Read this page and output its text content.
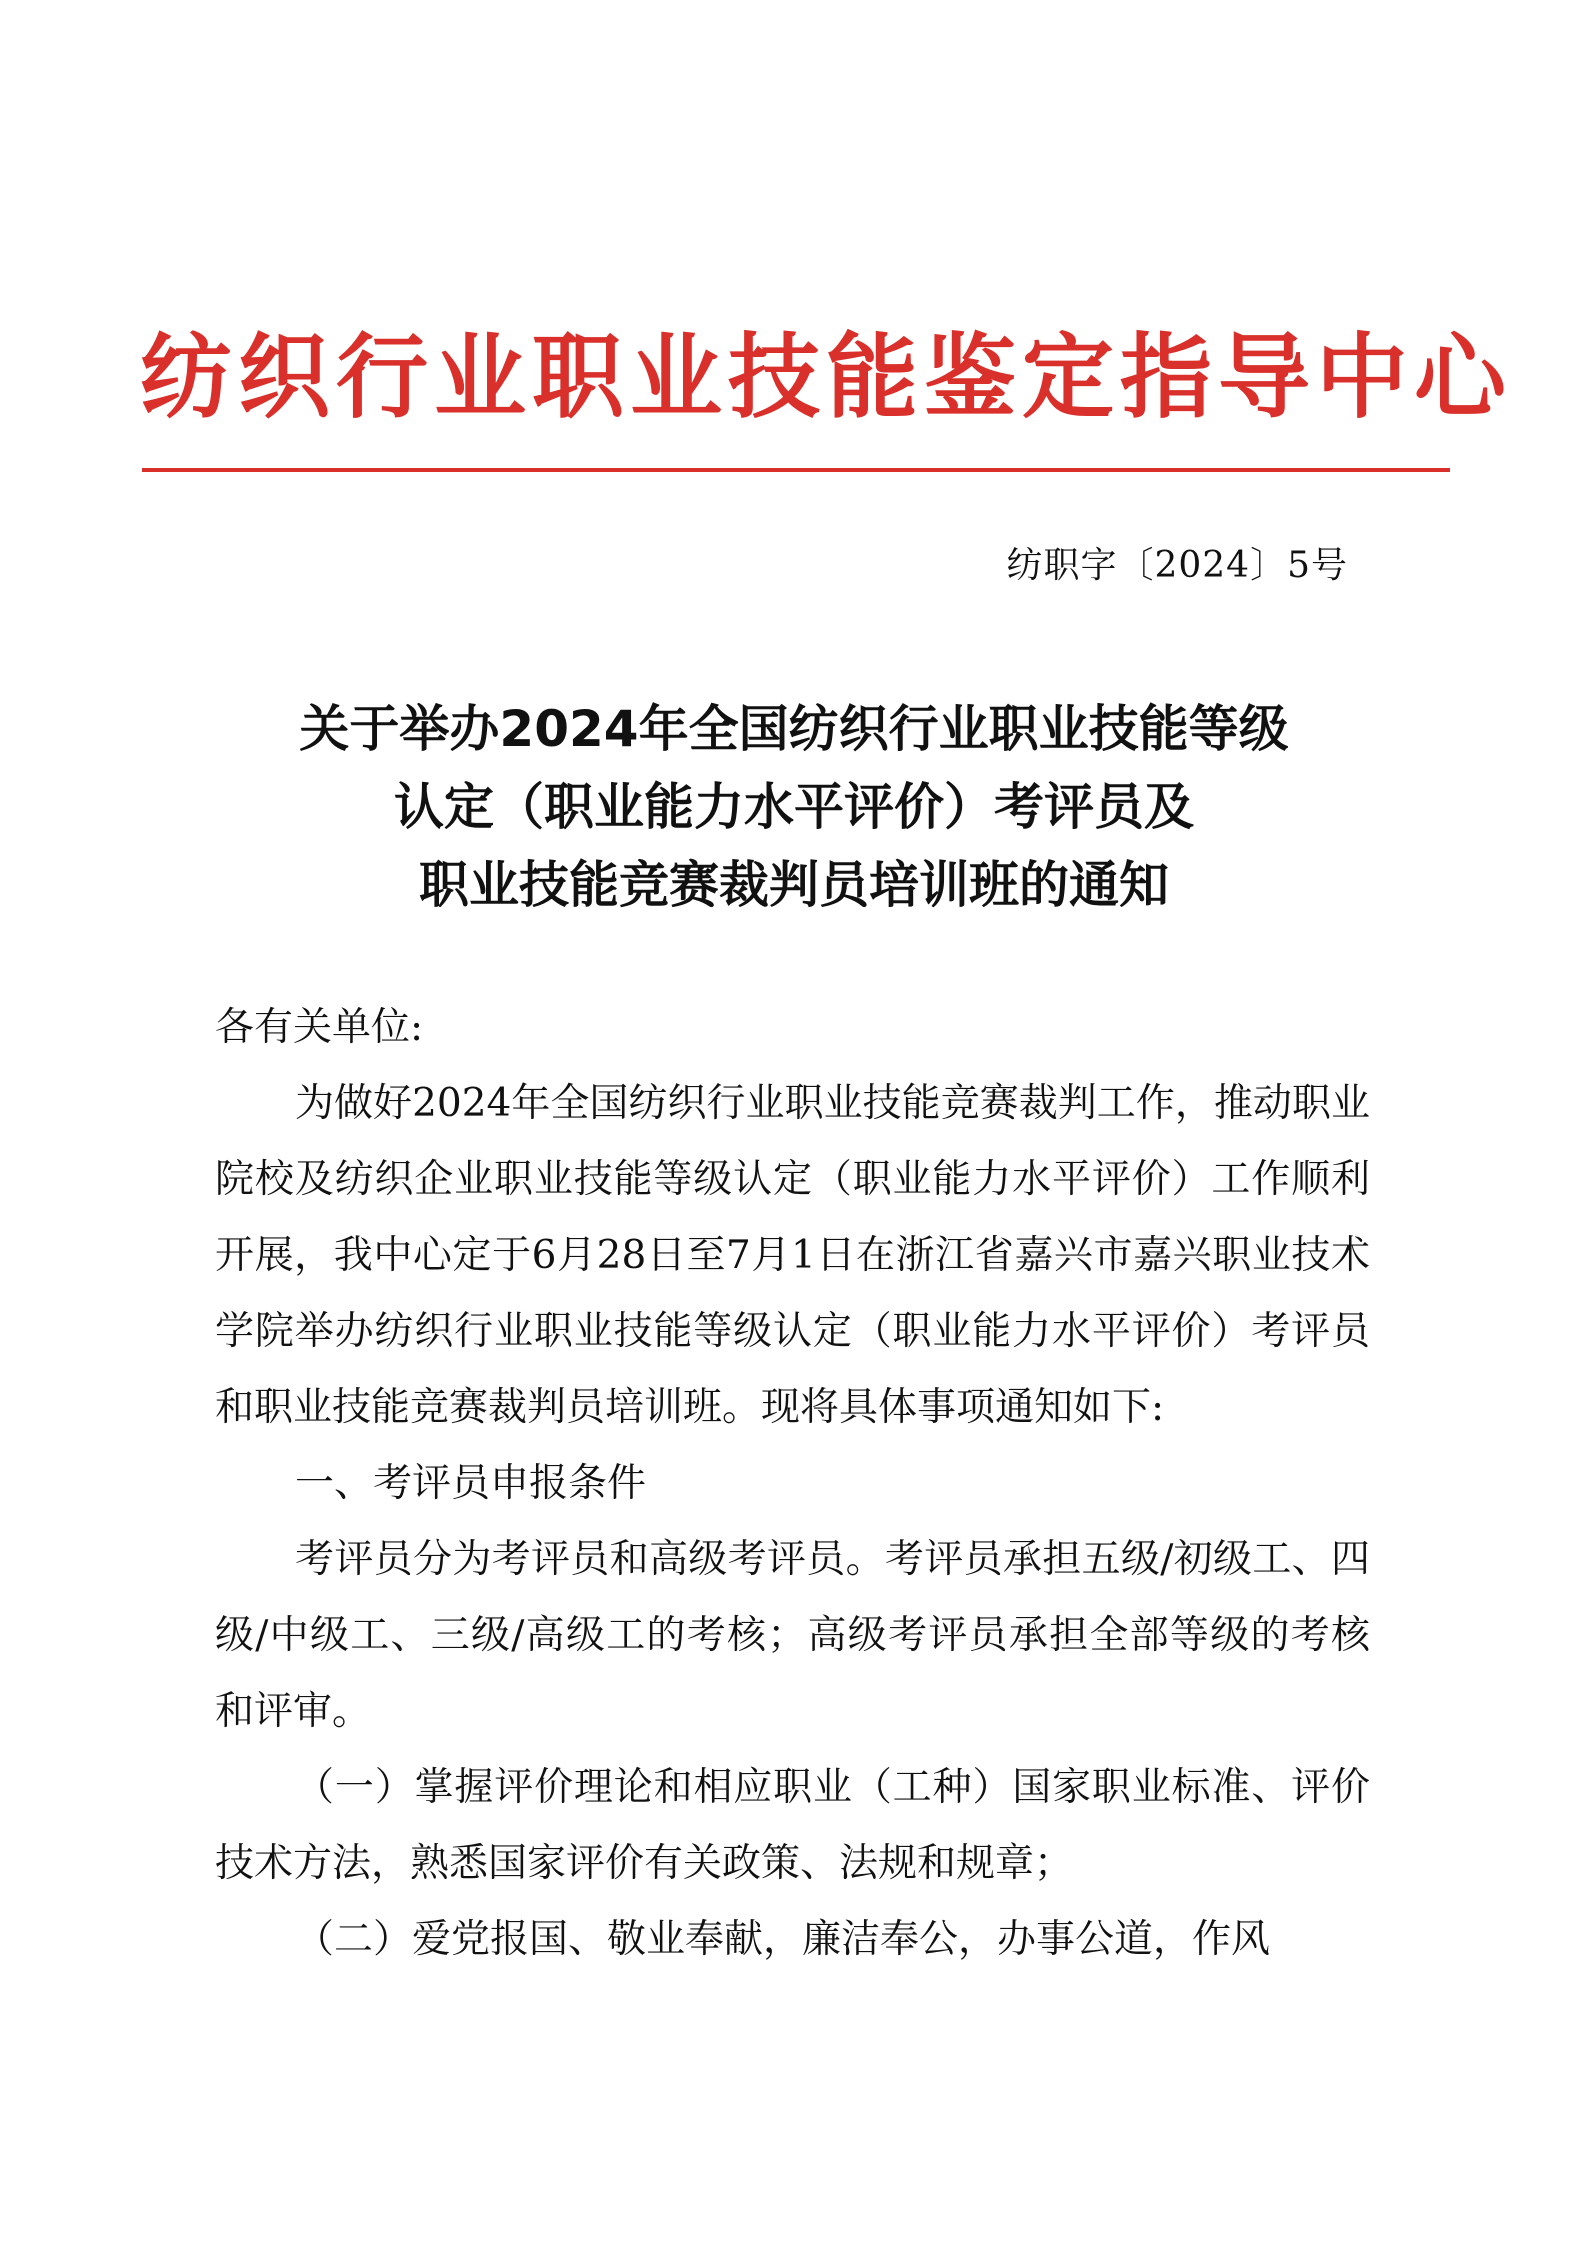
纺织行业职业技能鉴定指导中心
纺职字〔2024〕5号
关于举办2024年全国纺织行业职业技能等级
认定（职业能力水平评价）考评员及
职业技能竞赛裁判员培训班的通知

各有关单位:

为做好2024年全国纺织行业职业技能竞赛裁判工作，推动职业院校及纺织企业职业技能等级认定（职业能力水平评价）工作顺利开展，我中心定于6月28日至7月1日在浙江省嘉兴市嘉兴职业技术学院举办纺织行业职业技能等级认定（职业能力水平评价）考评员和职业技能竞赛裁判员培训班。现将具体事项通知如下:

一、考评员申报条件

考评员分为考评员和高级考评员。考评员承担五级/初级工、四级/中级工、三级/高级工的考核；高级考评员承担全部等级的考核和评审。

（一）掌握评价理论和相应职业（工种）国家职业标准、评价技术方法，熟悉国家评价有关政策、法规和规章；

（二）爱党报国、敬业奉献，廉洁奉公，办事公道，作风
